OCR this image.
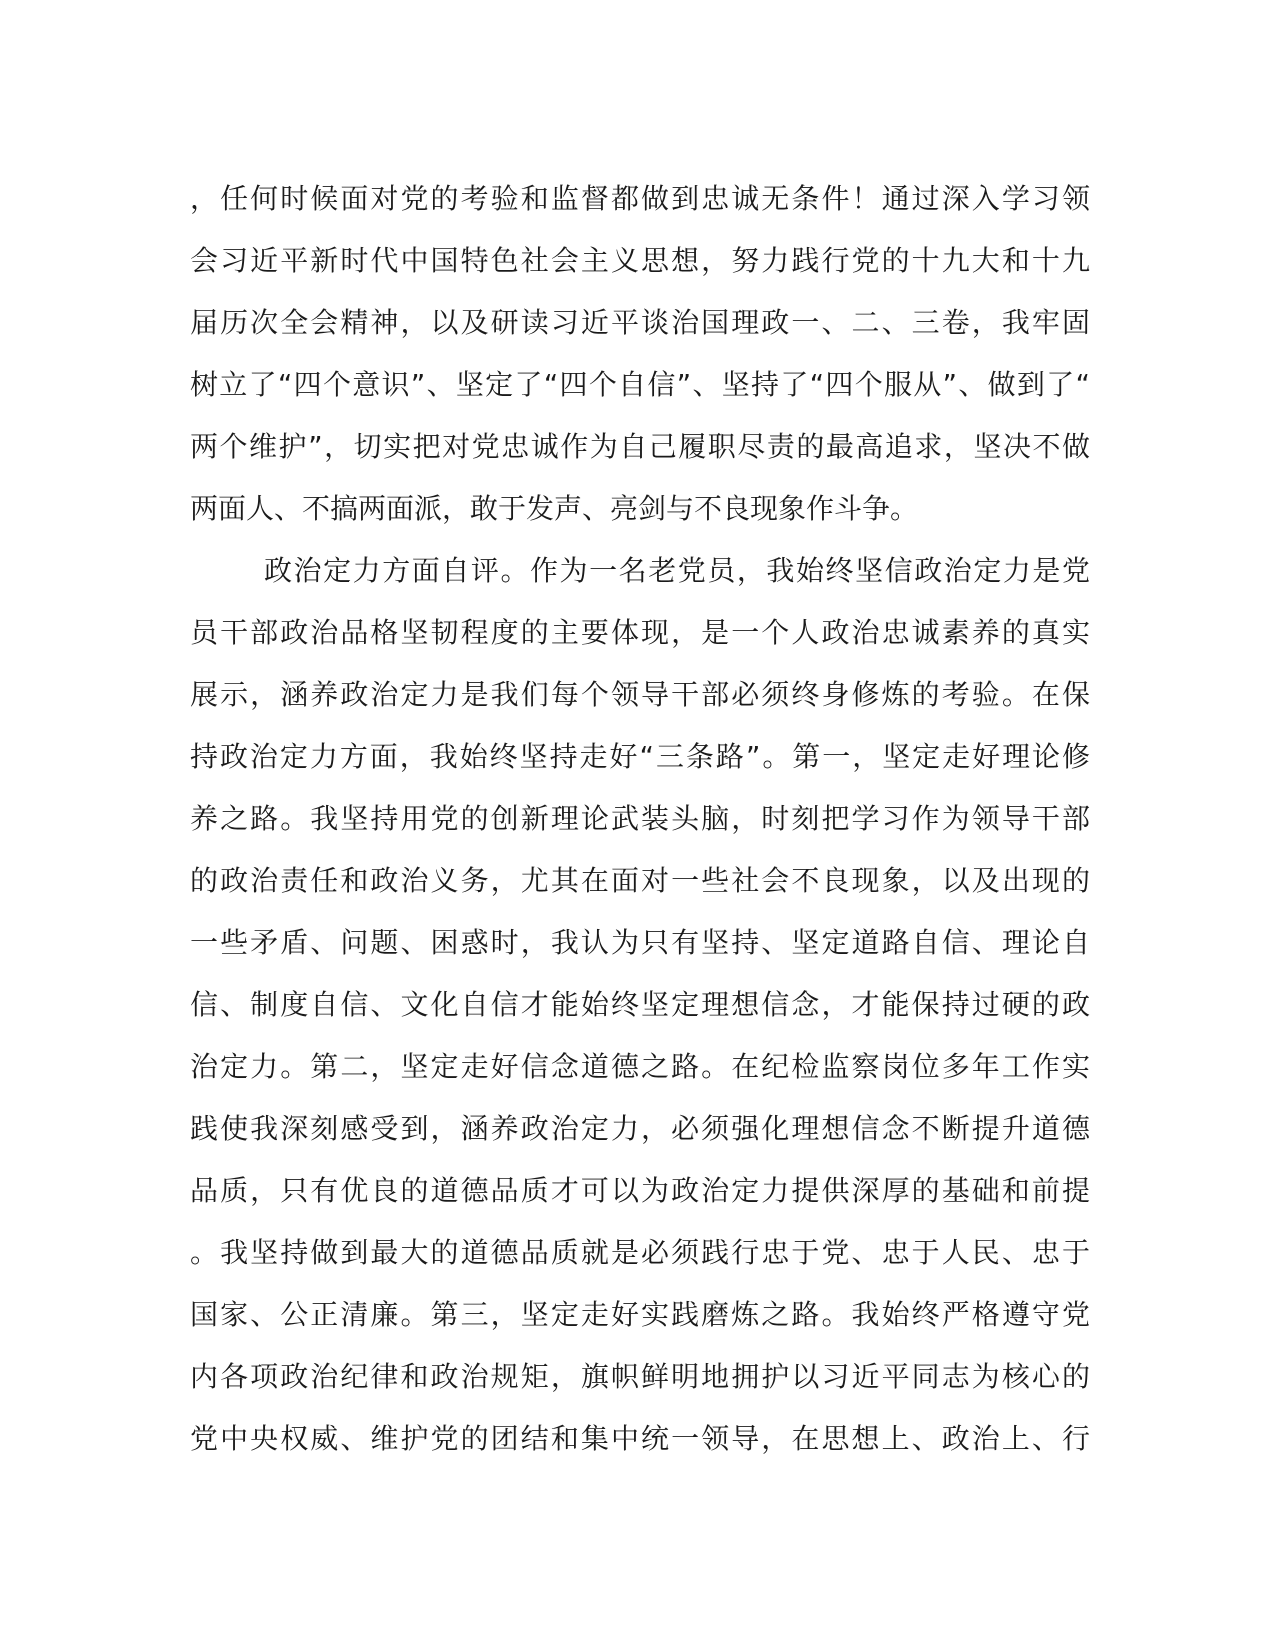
，任何时候面对党的考验和监督都做到忠诚无条件！通过深入学习领
会习近平新时代中国特色社会主义思想，努力践行党的十九大和十九
届历次全会精神，以及研读习近平谈治国理政一、二、三卷，我牢固
树立了“四个意识”、坚定了“四个自信”、坚持了“四个服从”、做到了“
两个维护”，切实把对党忠诚作为自己履职尽责的最高追求，坚决不做
两面人、不搞两面派，敢于发声、亮剑与不良现象作斗争。
政治定力方面自评。作为一名老党员，我始终坚信政治定力是党
员干部政治品格坚韧程度的主要体现，是一个人政治忠诚素养的真实
展示，涵养政治定力是我们每个领导干部必须终身修炼的考验。在保
持政治定力方面，我始终坚持走好“三条路”。第一，坚定走好理论修
养之路。我坚持用党的创新理论武装头脑，时刻把学习作为领导干部
的政治责任和政治义务，尤其在面对一些社会不良现象，以及出现的
一些矛盾、问题、困惑时，我认为只有坚持、坚定道路自信、理论自
信、制度自信、文化自信才能始终坚定理想信念，才能保持过硬的政
治定力。第二，坚定走好信念道德之路。在纪检监察岗位多年工作实
践使我深刻感受到，涵养政治定力，必须强化理想信念不断提升道德
品质，只有优良的道德品质才可以为政治定力提供深厚的基础和前提
。我坚持做到最大的道德品质就是必须践行忠于党、忠于人民、忠于
国家、公正清廉。第三，坚定走好实践磨炼之路。我始终严格遵守党
内各项政治纪律和政治规矩，旗帜鲜明地拥护以习近平同志为核心的
党中央权威、维护党的团结和集中统一领导，在思想上、政治上、行
